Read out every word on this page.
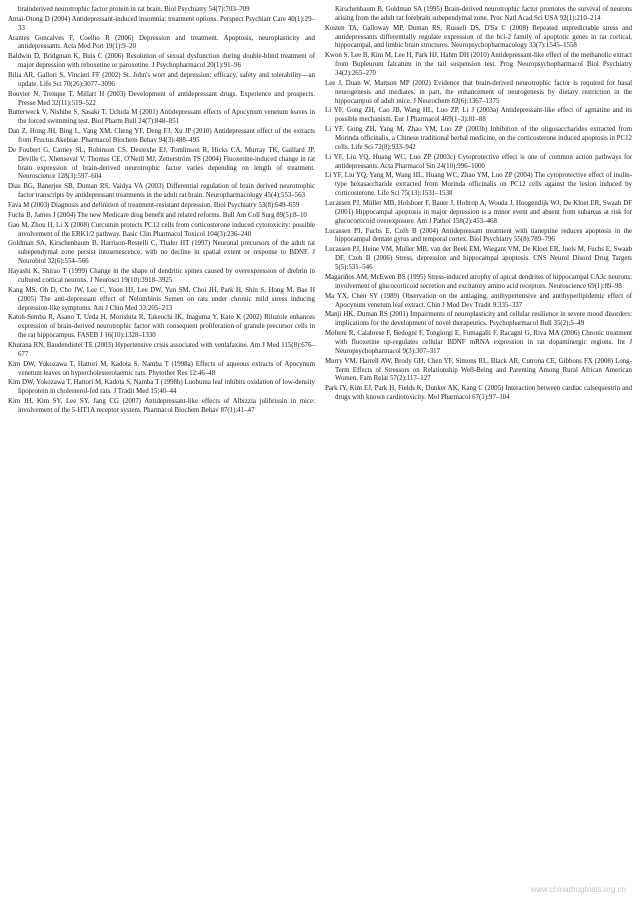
brainderived neurotrophic factor protein in rat brain. Biol Psychiatry 54(7):703–709

Antai-Otong D (2004) Antidepressant-induced insomnia: treatment options. Perspect Psychiatr Care 40(1):29–33

Arantes Goncalves F, Coelho R (2006) Depression and treatment. Apoptosis, neuroplasticity and antidepressants. Acta Med Port 19(1):9–20

Baldwin D, Bridgman K, Buis C (2006) Resolution of sexual dysfunction during double-blind treatment of major depression with reboxetine or paroxetine. J Psychopharmacol 20(1):91–96

Bilia AR, Gallori S, Vincieri FF (2002) St. John's wort and depression: efficacy, safety and tolerability—an update. Life Sci 70(26):3077–3096

Bouvier N, Trenque T, Millart H (2003) Development of antidepressant drugs. Experience and prospects. Presse Med 32(11):519–522

Butterweck V, Nishibe S, Sasaki T, Uchida M (2001) Antidepressant effects of Apocynum venetum leaves in the forced swimming test. Biol Pharm Bull 24(7):848–851

Dan Z, Hong JH, Bing L, Yang XM, Cheng YF, Deng FJ, Xu JP (2010) Antidepressant effect of the extracts from Fructus Akebiae. Pharmacol Biochem Behav 94(3):488–495

De Foubert G, Carney SL, Robinson CS, Destexhe EJ, Tomlinson R, Hicks CA, Murray TK, Gaillard JP, Deville C, Xhenseval V, Thomas CE, O'Neill MJ, Zetterström TS (2004) Fluoxetine-induced change in rat brain expression of brain-derived neurotrophic factor varies depending on length of treatment. Neuroscience 128(3):597–604

Dias BG, Banerjee SB, Duman RS, Vaidya VA (2003) Differential regulation of brain derived neurotrophic factor transcripts by antidepressant treatments in the adult rat brain. Neuropharmacology 45(4):553–563

Fava M (2003) Diagnosis and definition of treatment-resistant depression. Biol Psychiatry 53(8):649–659

Fuchs B, James J (2004) The new Medicare drug benefit and related reforms. Bull Am Coll Surg 89(5):8–10

Gao M, Zhou H, Li X (2008) Curcumin protects PC12 cells from corticosterone induced cytotoxicity: possible involvement of the ERK1/2 pathway. Basic Clin Pharmacol Toxicol 104(3):236–240

Goldman SA, Kirschenbaum B, Harrison-Restelli C, Thaler HT (1997) Neuronal precursors of the adult rat subependymal zone persist intosenescence, with no decline in spatial extent or response to BDNF. J Neurobiol 32(6):554–566

Hayashi K, Shirao T (1999) Change in the shape of dendritic spines caused by overexpression of drebrin in cultured cortical neurons. J Neurosci 19(10):3918–3925

Kang MS, Oh D, Cho JW, Lee C, Yoon HJ, Lee DW, Yun SM, Choi JH, Park H, Shin S, Hong M, Bae H (2005) The anti-depressant effect of Nelumbinis Semen on rats under chronic mild stress inducing depression-like symptoms. Am J Chin Med 33:205–213

Katoh-Semba R, Asano T, Ueda H, Morishita R, Takeuchi IK, Inaguma Y, Kato K (2002) Riluzole enhances expression of brain-derived neurotrophic factor with consequent proliferation of granule precursor cells in the rat hippocampus. FASEB J 16(10):1328–1330

Khurana RN, Baudendistel TE (2003) Hypertensive crisis associated with venlafaxine. Am J Med 115(8):676–677

Kim DW, Yokozawa T, Hattori M, Kadota S, Namba T (1998a) Effects of aqueous extracts of Apocynum venetum leaves on hypercholesterolaemic rats. Phytother Res 12:46–48

Kim DW, Yokozawa T, Hattori M, Kadota S, Namba T (1998b) Luobuma leaf inhibits oxidation of low-density lipoprotein in cholesterol-fed rats. J Tradit Med 15:40–44

Kim JH, Kim SY, Lee SY, Jang CG (2007) Antidepressant-like effects of Albizzia julibrissin in mice: involvement of the 5-HT1A receptor system. Pharmacol Biochem Behav 87(1):41–47

Kirschenbaum B, Goldman SA (1995) Brain-derived neurotrophic factor promotes the survival of neurons arising from the adult rat forebrain subependymal zone. Proc Natl Acad Sci USA 92(1):210–214

Kosten TA, Galloway MP, Duman RS, Russell DS, D'Sa C (2008) Repeated unpredictable stress and antidepressants differentially regulate expression of the bcl-2 family of apoptotic genes in rat cortical, hippocampal, and limbic brain structures. Neuropsychopharmacology 33(7):1545–1558

Kwon S, Lee B, Kim M, Lee H, Park HJ, Hahm DH (2010) Antidepressant-like effect of the methanolic extract from Bupleurum falcatum in the tail suspension test. Prog Neuropsychopharmacol Biol Psychiatry 34(2):265–270

Lee J, Duan W, Mattson MP (2002) Evidence that brain-derived neurotrophic factor is required for basal neurogenesis and mediates, in part, the enhancement of neurogenesis by dietary restriction in the hippocampus of adult mice. J Neurochem 82(6):1367–1375

Li YF, Gong ZH, Cao JB, Wang HL, Luo ZP, Li J (2003a) Antidepressant-like effect of agmatine and its possible mechanism. Eur J Pharmacol 469(1–3):81–88

Li YF, Gong ZH, Yang M, Zhao YM, Luo ZP (2003b) Inhibition of the oligosaccharides extracted from Morinda officinalis, a Chinese traditional herbal medicine, on the corticosterone induced apoptosis in PC12 cells. Life Sci 72(8):933–942

Li YF, Liu YQ, Huang WC, Luo ZP (2003c) Cytoprotective effect is one of common action pathways for antidepressants. Acta Pharmacol Sin 24(10):996–1000

Li YF, Liu YQ, Yang M, Wang HL, Huang WC, Zhao YM, Luo ZP (2004) The cytoprotective effect of inulin-type hexasaccharide extracted from Morinda officinalis on PC12 cells against the lesion induced by corticosterone. Life Sci 75(13):1531–1538

Lucassen PJ, Müller MB, Holsboer F, Bauer J, Holtrop A, Wouda J, Hoogendijk WJ, De Kloet ER, Swaab DF (2001) Hippocampal apoptosis in major depression is a minor event and absent from subareas at risk for glucocorticoid overexposure. Am J Pathol 158(2):453–468

Lucassen PJ, Fuchs E, Czéh B (2004) Antidepressant treatment with tianeptine reduces apoptosis in the hippocampal dentate gyrus and temporal cortex. Biol Psychiatry 55(8):789–796

Lucassen PJ, Heine VM, Muller MB, van der Beek EM, Wiegant VM, De Kloet ER, Joels M, Fuchs E, Swaab DF, Czeh B (2006) Stress, depression and hippocampal apoptosis. CNS Neurol Disord Drug Targets 5(5):531–546

Magariños AM, McEwen BS (1995) Stress-induced atrophy of apical dendrites of hippocampal CA3c neurons: involvement of glucocorticoid secretion and excitatory amino acid receptors. Neuroscience 69(1):89–98

Ma YX, Chen SY (1989) Observation on the antiaging, antihypertensive and antihyperlipidemic effect of Apocynum venetum leaf extract. Chin J Mod Dev Tradit 9:335–337

Manji HK, Duman RS (2001) Impairments of neuroplasticity and cellular resilience in severe mood disorders: implications for the development of novel therapeutics. Psychopharmacol Bull 35(2):5–49

Molteni R, Calabrese F, Bedogni F, Tongiorgi E, Fumagalli F, Racagni G, Riva MA (2006) Chronic treatment with fluoxetine up-regulates cellular BDNF mRNA expression in rat dopaminergic regions. Int J Neuropsychopharmacol 9(3):307–317

Murry VM, Harrell AW, Brody GH, Chen YF, Simons RL, Black AR, Cutrona CE, Gibbons FX (2008) Long-Term Effects of Stressors on Relationship Well-Being and Parenting Among Rural African American Women. Fam Relat 57(2):117–127

Park IY, Kim EJ, Park H, Fields K, Dunker AK, Kang C (2005) Interaction between cardiac calsequestrin and drugs with known cardiotoxicity. Mol Pharmacol 67(1):97–104

www.chinadrugtrials.org.cn
